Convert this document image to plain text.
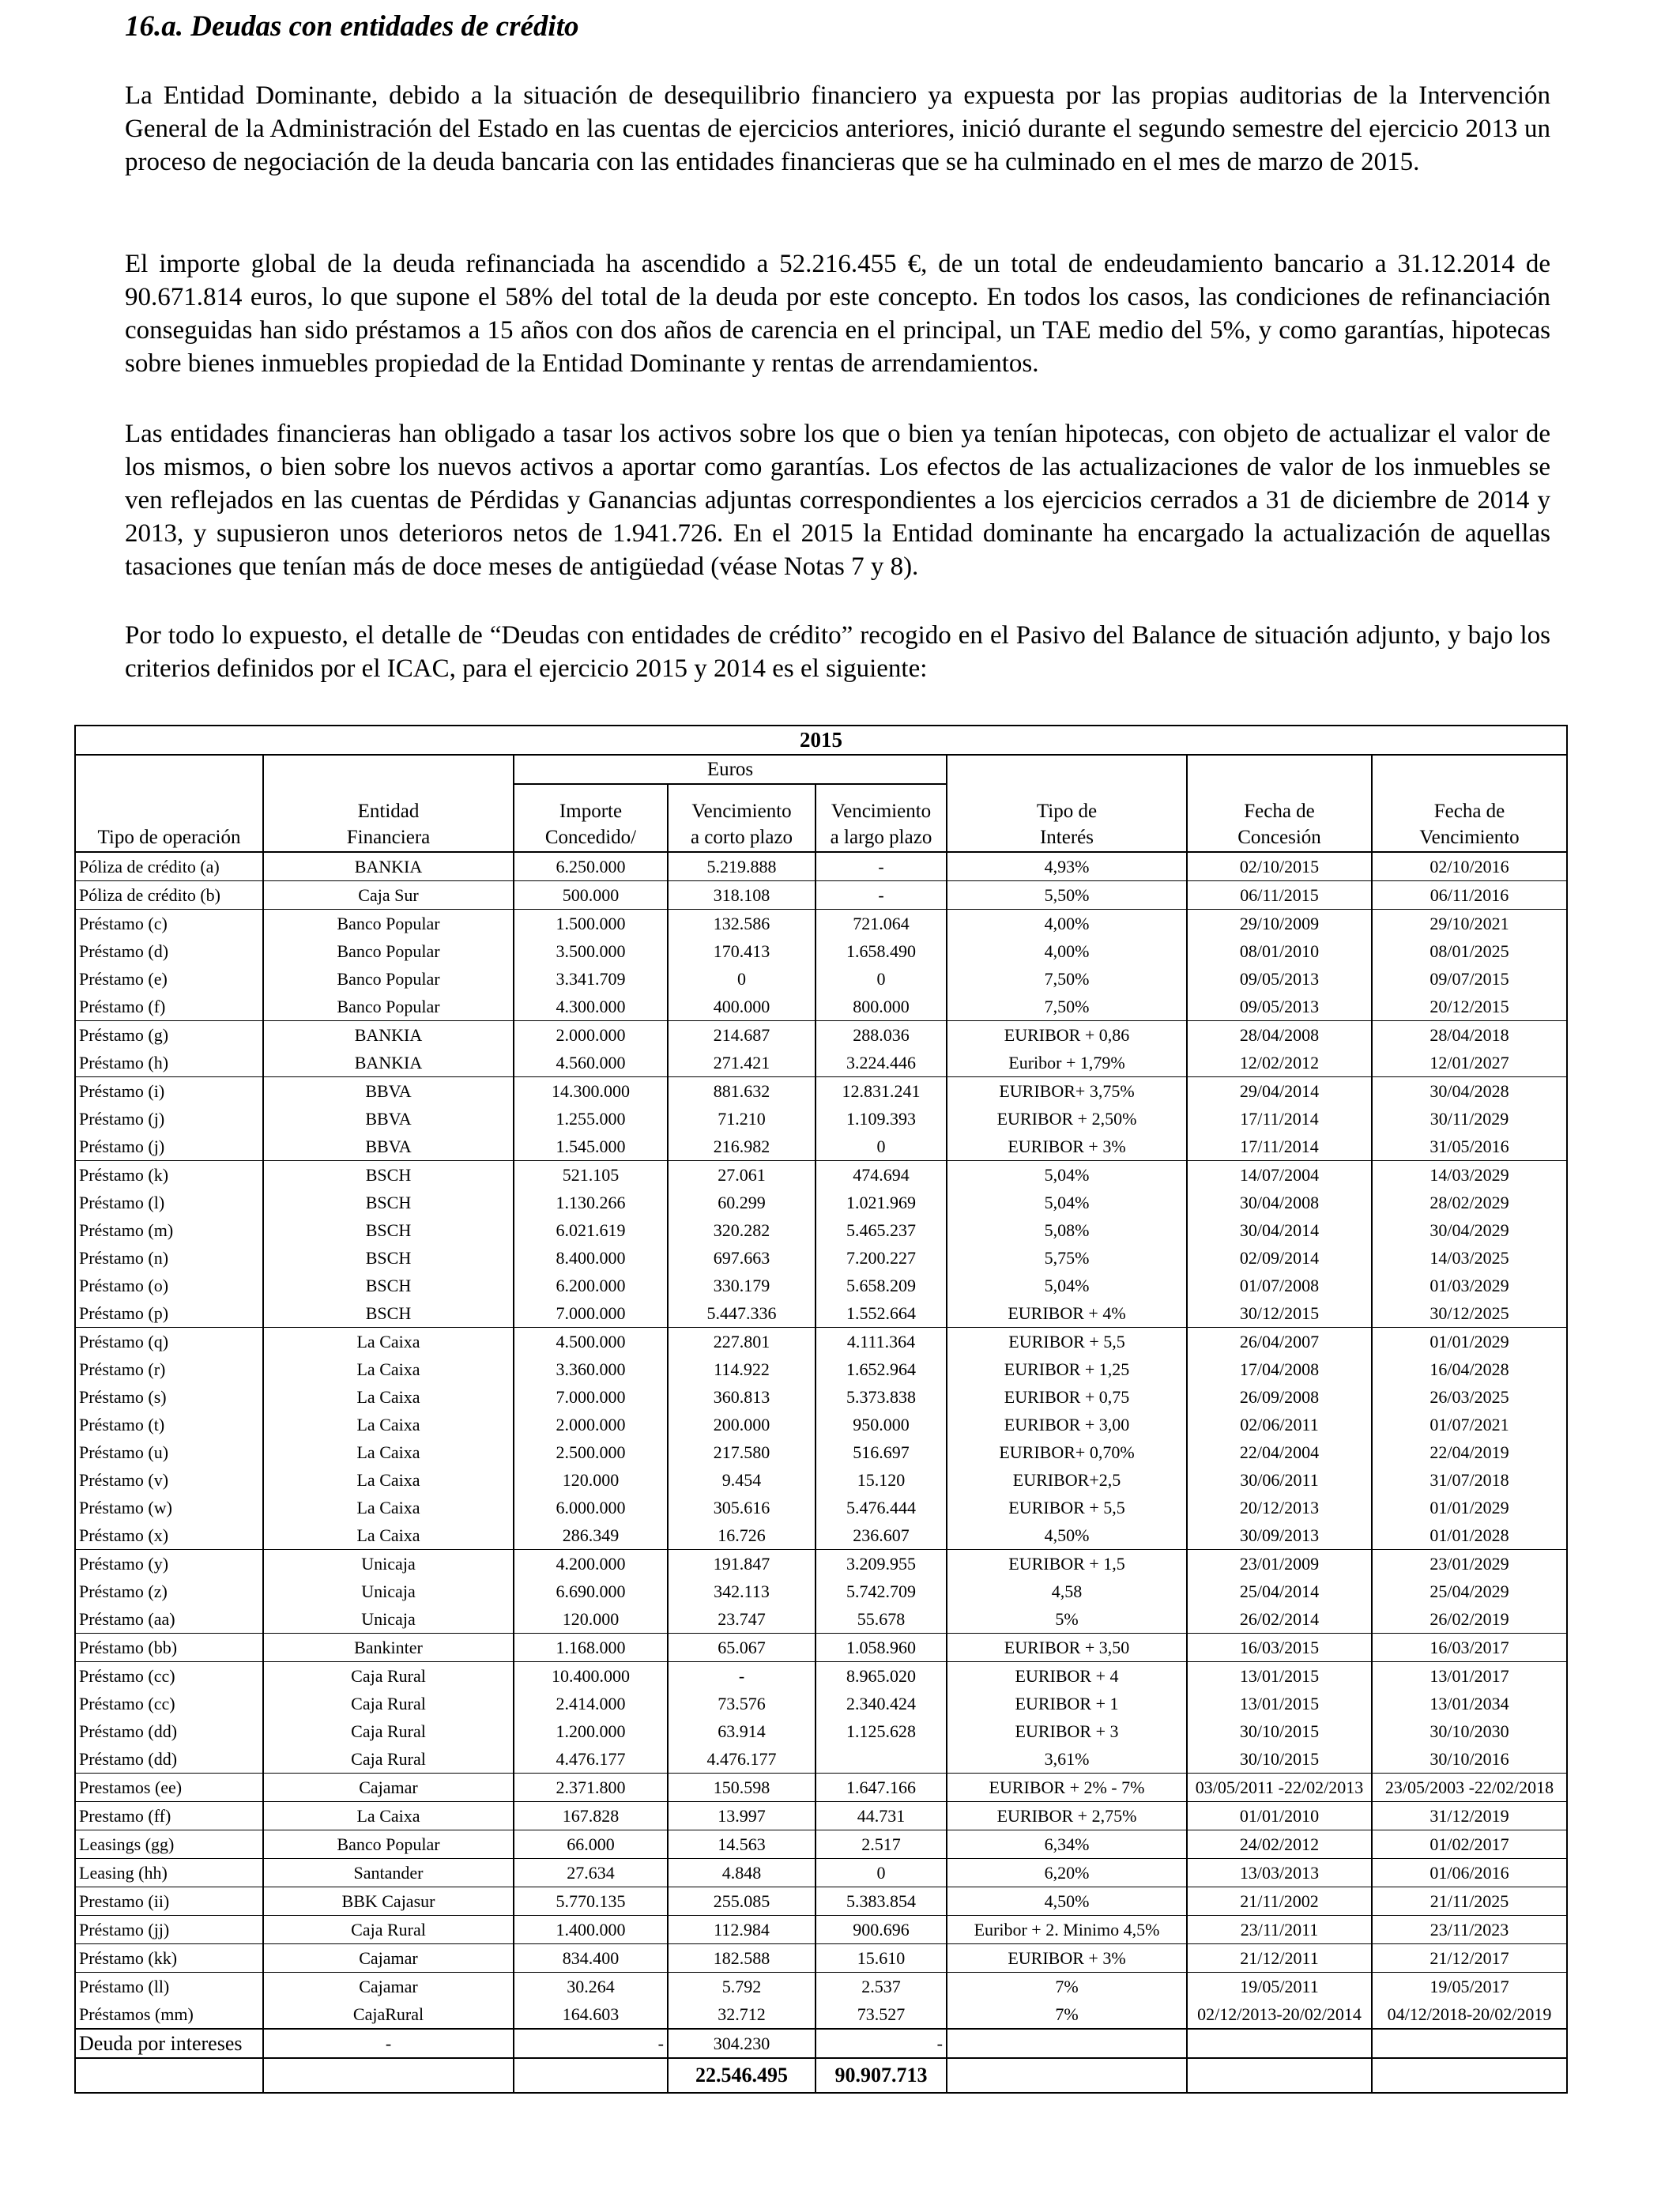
16.a. Deudas con entidades de crédito

La Entidad Dominante, debido a la situación de desequilibrio financiero ya expuesta por las propias auditorias de la Intervención General de la Administración del Estado en las cuentas de ejercicios anteriores, inició durante el segundo semestre del ejercicio 2013 un proceso de negociación de la deuda bancaria con las entidades financieras que se ha culminado en el mes de marzo de 2015.

El importe global de la deuda refinanciada ha ascendido a 52.216.455 €, de un total de endeudamiento bancario a 31.12.2014 de 90.671.814 euros, lo que supone el 58% del total de la deuda por este concepto. En todos los casos, las condiciones de refinanciación conseguidas han sido préstamos a 15 años con dos años de carencia en el principal, un TAE medio del 5%, y como garantías, hipotecas sobre bienes inmuebles propiedad de la Entidad Dominante y rentas de arrendamientos.

Las entidades financieras han obligado a tasar los activos sobre los que o bien ya tenían hipotecas, con objeto de actualizar el valor de los mismos, o bien sobre los nuevos activos a aportar como garantías. Los efectos de las actualizaciones de valor de los inmuebles se ven reflejados en las cuentas de Pérdidas y Ganancias adjuntas correspondientes a los ejercicios cerrados a 31 de diciembre de 2014 y 2013, y supusieron unos deterioros netos de 1.941.726. En el 2015 la Entidad dominante ha encargado la actualización de aquellas tasaciones que tenían más de doce meses de antigüedad (véase Notas 7 y 8).

Por todo lo expuesto, el detalle de “Deudas con entidades de crédito” recogido en el Pasivo del Balance de situación adjunto, y bajo los criterios definidos por el ICAC, para el ejercicio 2015 y 2014 es el siguiente:

2015							
		Euros					
	Entidad	Importe	Vencimiento	Vencimiento	Tipo de	Fecha de	Fecha de
Tipo de operación	Financiera	Concedido/	a corto plazo	a largo plazo	Interés	Concesión	Vencimiento
Póliza de crédito (a)	BANKIA	6.250.000	5.219.888	-	4,93%	02/10/2015	02/10/2016
Póliza de crédito (b)	Caja Sur	500.000	318.108	-	5,50%	06/11/2015	06/11/2016
Préstamo (c)	Banco Popular	1.500.000	132.586	721.064	4,00%	29/10/2009	29/10/2021
Préstamo (d)	Banco Popular	3.500.000	170.413	1.658.490	4,00%	08/01/2010	08/01/2025
Préstamo (e)	Banco Popular	3.341.709	0	0	7,50%	09/05/2013	09/07/2015
Préstamo (f)	Banco Popular	4.300.000	400.000	800.000	7,50%	09/05/2013	20/12/2015
Préstamo (g)	BANKIA	2.000.000	214.687	288.036	EURIBOR + 0,86	28/04/2008	28/04/2018
Préstamo (h)	BANKIA	4.560.000	271.421	3.224.446	Euribor + 1,79%	12/02/2012	12/01/2027
Préstamo (i)	BBVA	14.300.000	881.632	12.831.241	EURIBOR+ 3,75%	29/04/2014	30/04/2028
Préstamo (j)	BBVA	1.255.000	71.210	1.109.393	EURIBOR + 2,50%	17/11/2014	30/11/2029
Préstamo (j)	BBVA	1.545.000	216.982	0	EURIBOR + 3%	17/11/2014	31/05/2016
Préstamo (k)	BSCH	521.105	27.061	474.694	5,04%	14/07/2004	14/03/2029
Préstamo (l)	BSCH	1.130.266	60.299	1.021.969	5,04%	30/04/2008	28/02/2029
Préstamo (m)	BSCH	6.021.619	320.282	5.465.237	5,08%	30/04/2014	30/04/2029
Préstamo (n)	BSCH	8.400.000	697.663	7.200.227	5,75%	02/09/2014	14/03/2025
Préstamo (o)	BSCH	6.200.000	330.179	5.658.209	5,04%	01/07/2008	01/03/2029
Préstamo (p)	BSCH	7.000.000	5.447.336	1.552.664	EURIBOR + 4%	30/12/2015	30/12/2025
Préstamo (q)	La Caixa	4.500.000	227.801	4.111.364	EURIBOR + 5,5	26/04/2007	01/01/2029
Préstamo (r)	La Caixa	3.360.000	114.922	1.652.964	EURIBOR + 1,25	17/04/2008	16/04/2028
Préstamo (s)	La Caixa	7.000.000	360.813	5.373.838	EURIBOR + 0,75	26/09/2008	26/03/2025
Préstamo (t)	La Caixa	2.000.000	200.000	950.000	EURIBOR + 3,00	02/06/2011	01/07/2021
Préstamo (u)	La Caixa	2.500.000	217.580	516.697	EURIBOR+ 0,70%	22/04/2004	22/04/2019
Préstamo (v)	La Caixa	120.000	9.454	15.120	EURIBOR+2,5	30/06/2011	31/07/2018
Préstamo (w)	La Caixa	6.000.000	305.616	5.476.444	EURIBOR + 5,5	20/12/2013	01/01/2029
Préstamo (x)	La Caixa	286.349	16.726	236.607	4,50%	30/09/2013	01/01/2028
Préstamo (y)	Unicaja	4.200.000	191.847	3.209.955	EURIBOR + 1,5	23/01/2009	23/01/2029
Préstamo (z)	Unicaja	6.690.000	342.113	5.742.709	4,58	25/04/2014	25/04/2029
Préstamo (aa)	Unicaja	120.000	23.747	55.678	5%	26/02/2014	26/02/2019
Préstamo (bb)	Bankinter	1.168.000	65.067	1.058.960	EURIBOR + 3,50	16/03/2015	16/03/2017
Préstamo (cc)	Caja Rural	10.400.000	-	8.965.020	EURIBOR + 4	13/01/2015	13/01/2017
Préstamo (cc)	Caja Rural	2.414.000	73.576	2.340.424	EURIBOR + 1	13/01/2015	13/01/2034
Préstamo (dd)	Caja Rural	1.200.000	63.914	1.125.628	EURIBOR + 3	30/10/2015	30/10/2030
Préstamo (dd)	Caja Rural	4.476.177	4.476.177		3,61%	30/10/2015	30/10/2016
Prestamos (ee)	Cajamar	2.371.800	150.598	1.647.166	EURIBOR + 2% - 7%	03/05/2011 -22/02/2013	23/05/2003 -22/02/2018
Prestamo (ff)	La Caixa	167.828	13.997	44.731	EURIBOR + 2,75%	01/01/2010	31/12/2019
Leasings (gg)	Banco Popular	66.000	14.563	2.517	6,34%	24/02/2012	01/02/2017
Leasing (hh)	Santander	27.634	4.848	0	6,20%	13/03/2013	01/06/2016
Prestamo (ii)	BBK Cajasur	5.770.135	255.085	5.383.854	4,50%	21/11/2002	21/11/2025
Préstamo (jj)	Caja Rural	1.400.000	112.984	900.696	Euribor + 2. Minimo 4,5%	23/11/2011	23/11/2023
Préstamo (kk)	Cajamar	834.400	182.588	15.610	EURIBOR + 3%	21/12/2011	21/12/2017
Préstamo (ll)	Cajamar	30.264	5.792	2.537	7%	19/05/2011	19/05/2017
Préstamos (mm)	CajaRural	164.603	32.712	73.527	7%	02/12/2013-20/02/2014	04/12/2018-20/02/2019
Deuda por intereses	-	-	304.230	-			
			22.546.495	90.907.713			
